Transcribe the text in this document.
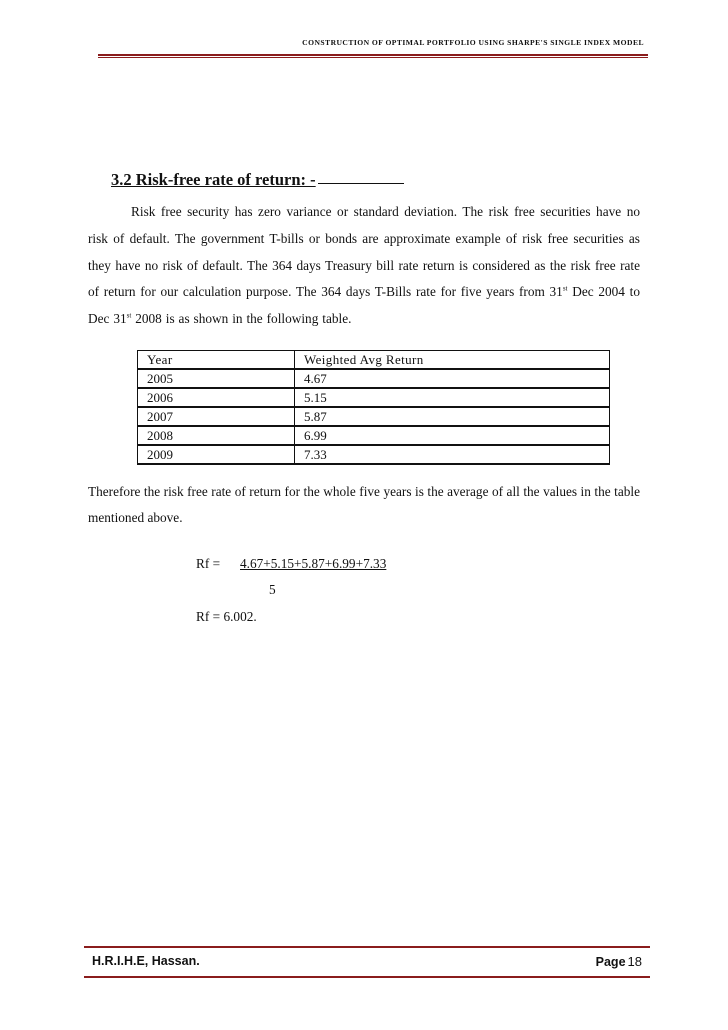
CONSTRUCTION OF OPTIMAL PORTFOLIO USING SHARPE'S SINGLE INDEX MODEL
3.2 Risk-free rate of return: -
Risk free security has zero variance or standard deviation. The risk free securities have no risk of default. The government T-bills or bonds are approximate example of risk free securities as they have no risk of default. The 364 days Treasury bill rate return is considered as the risk free rate of return for our calculation purpose. The 364 days T-Bills rate for five years from 31st Dec 2004 to Dec 31st 2008 is as shown in the following table.
Year	Weighted Avg Return
2005	4.67
2006	5.15
2007	5.87
2008	6.99
2009	7.33
Therefore the risk free rate of return for the whole five years is the average of all the values in the table mentioned above.
Rf = 4.67+5.15+5.87+6.99+7.33
5
Rf = 6.002.
H.R.I.H.E, Hassan.	Page 18
